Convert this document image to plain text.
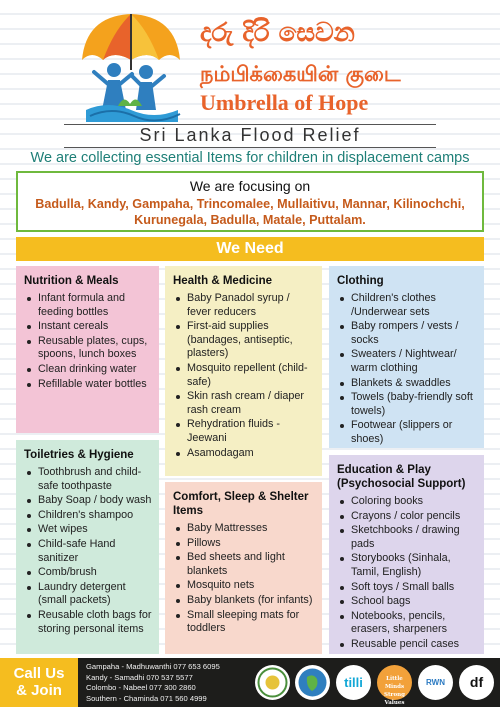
දරු දිරි සෙවන
நம்பிக்கையின் குடை
Umbrella of Hope
Sri Lanka Flood Relief
We are collecting essential Items for children in displacement camps
We are focusing on
Badulla, Kandy, Gampaha, Trincomalee, Mullaitivu, Mannar, Kilinochchi, Kurunegala, Badulla, Matale, Puttalam.
We Need
Nutrition & Meals
Infant formula and feeding bottles
Instant cereals
Reusable plates, cups, spoons, lunch boxes
Clean drinking water
Refillable water bottles
Health & Medicine
Baby Panadol syrup / fever reducers
First-aid supplies (bandages, antiseptic, plasters)
Mosquito repellent (child-safe)
Skin rash cream / diaper rash cream
Rehydration fluids - Jeewani
Asamodagam
Clothing
Children's clothes /Underwear sets
Baby rompers / vests / socks
Sweaters / Nightwear/ warm clothing
Blankets & swaddles
Towels (baby-friendly soft towels)
Footwear (slippers or shoes)
Toiletries & Hygiene
Toothbrush and child-safe toothpaste
Baby Soap / body wash
Children's shampoo
Wet wipes
Child-safe Hand sanitizer
Comb/brush
Laundry detergent (small packets)
Reusable cloth bags for storing personal items
Comfort, Sleep & Shelter Items
Baby Mattresses
Pillows
Bed sheets and light blankets
Mosquito nets
Baby blankets (for infants)
Small sleeping mats for toddlers
Education & Play (Psychosocial Support)
Coloring books
Crayons / color pencils
Sketchbooks / drawing pads
Storybooks (Sinhala, Tamil, English)
Soft toys / Small balls
School bags
Notebooks, pencils, erasers, sharpeners
Reusable pencil cases
Call Us
& Join
Gampaha - Madhuwanthi 077 653 6095
Kandy - Samadhi 070 537 5577
Colombo - Nabeel 077 300 2860
Southern - Chaminda 071 560 4999
tilli	Little Minds Strong Values
RWN	df
